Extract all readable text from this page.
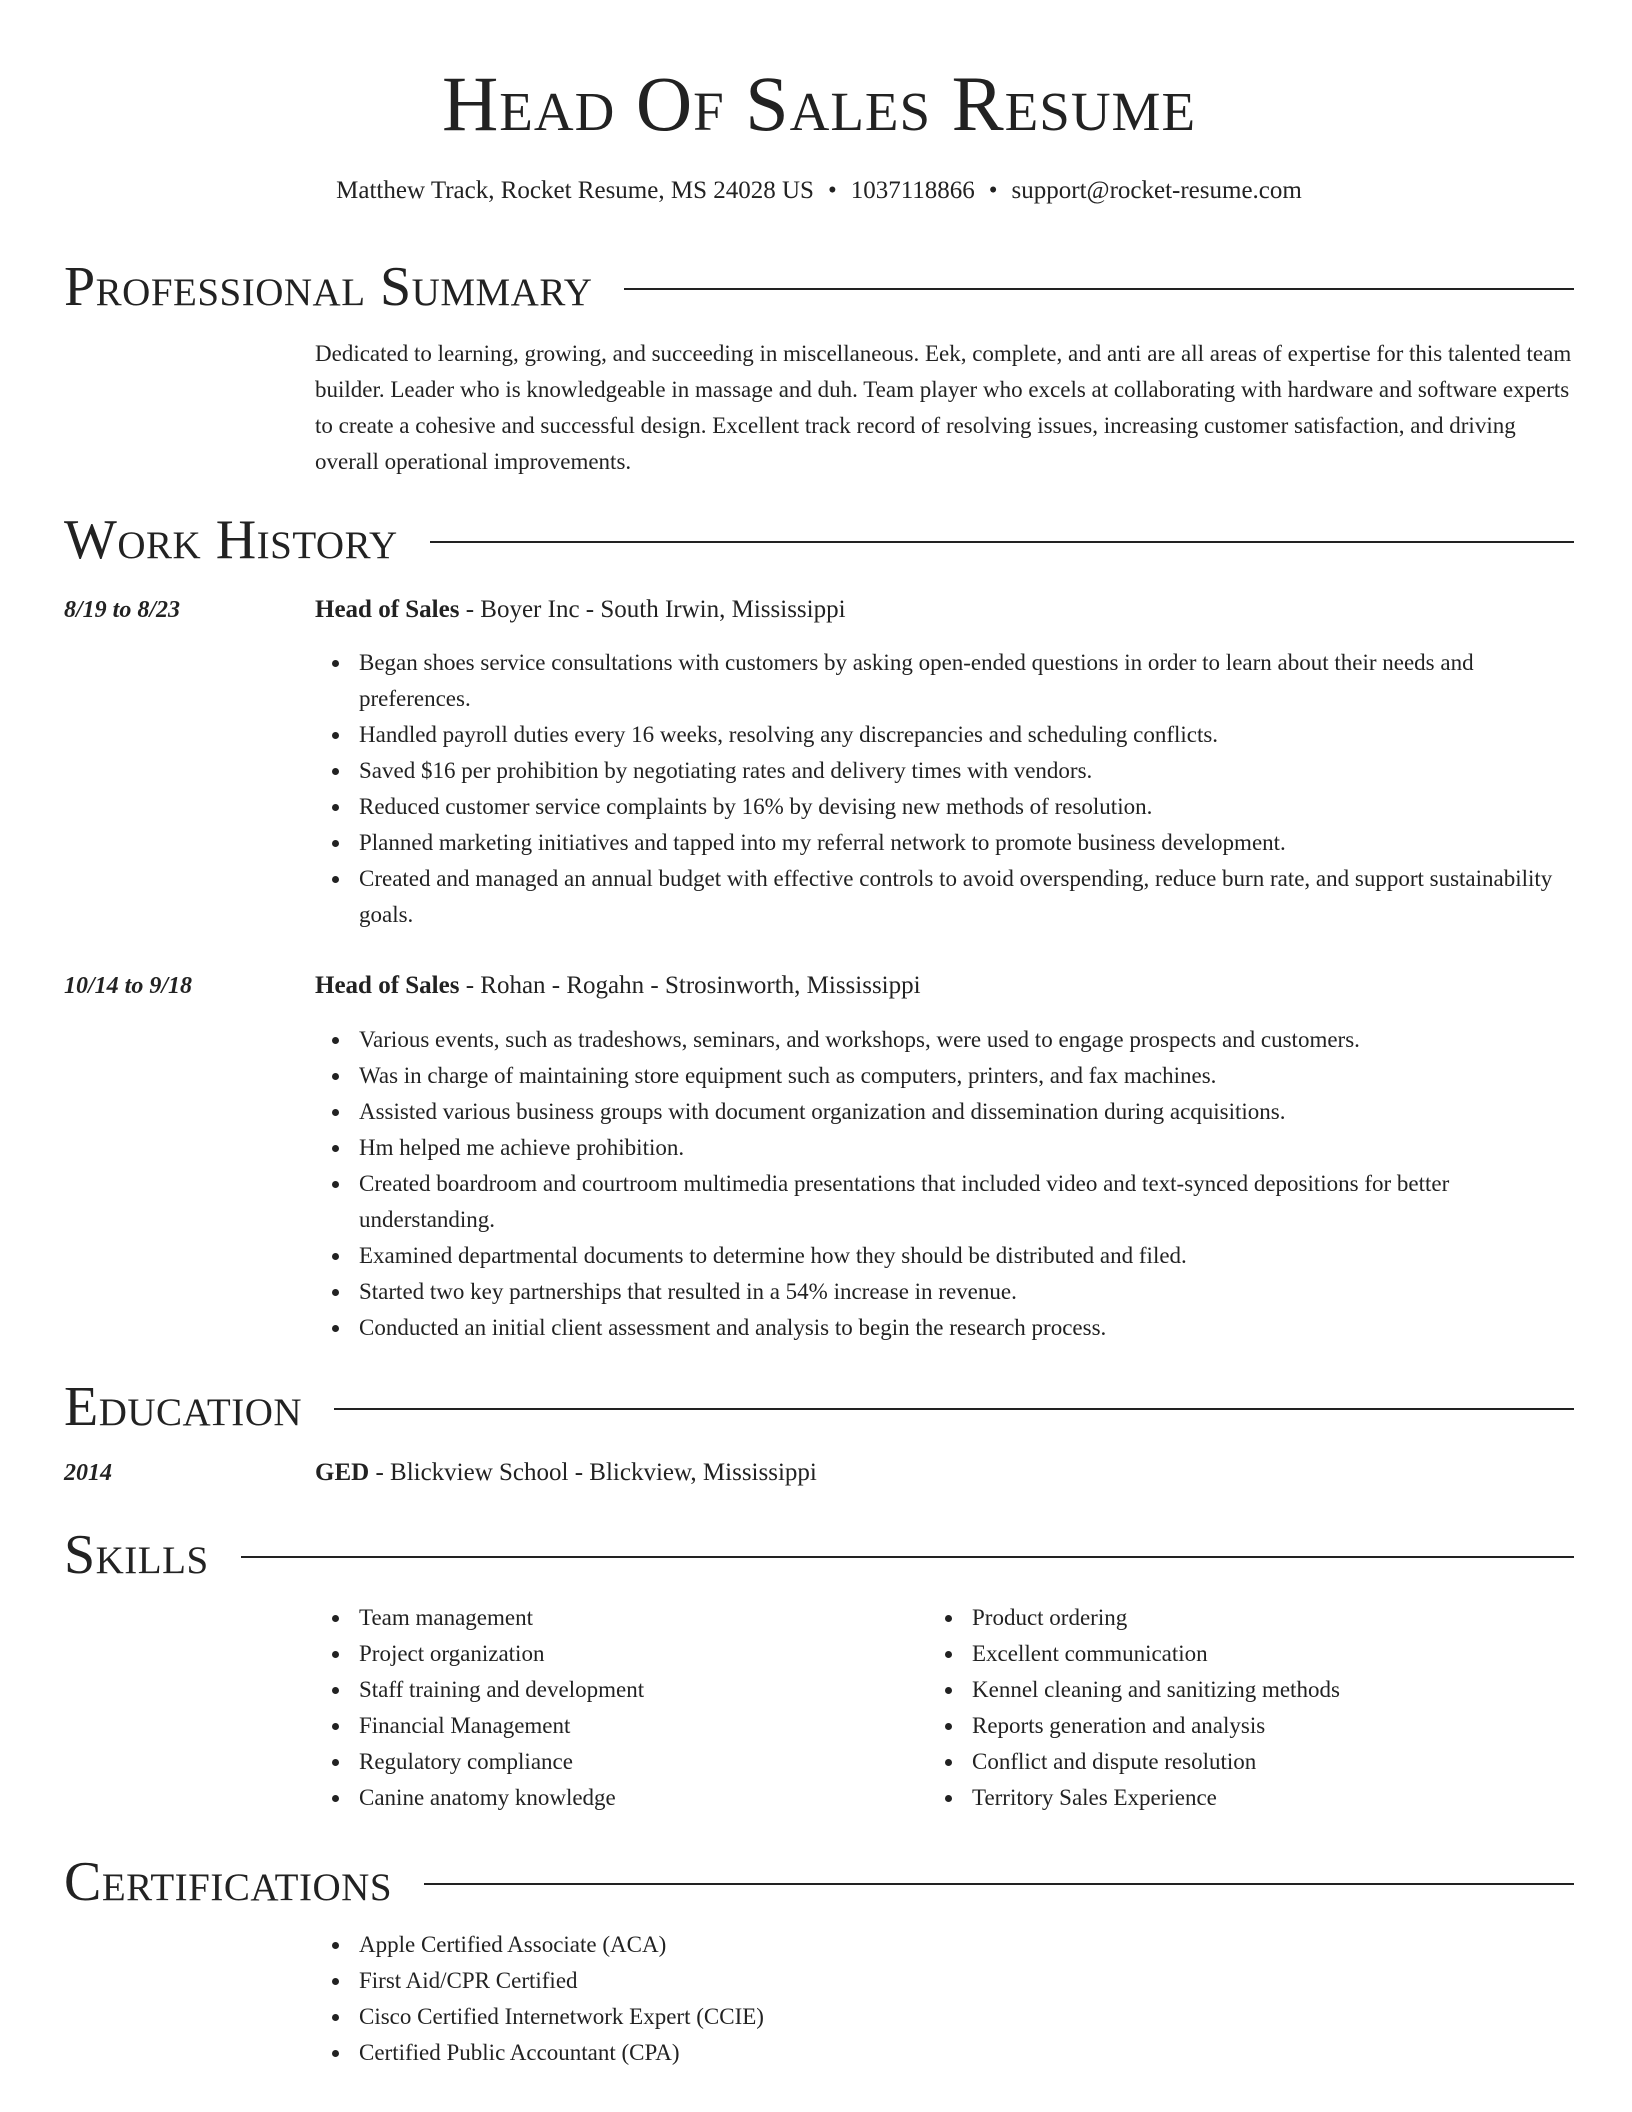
Head Of Sales Resume
Matthew Track, Rocket Resume, MS 24028 US • 1037118866 • support@rocket-resume.com
Professional Summary

Dedicated to learning, growing, and succeeding in miscellaneous. Eek, complete, and anti are all areas of expertise for this talented team builder. Leader who is knowledgeable in massage and duh. Team player who excels at collaborating with hardware and software experts to create a cohesive and successful design. Excellent track record of resolving issues, increasing customer satisfaction, and driving overall operational improvements.

Work History
8/19 to 8/23	Head of Sales - Boyer Inc - South Irwin, Mississippi
Began shoes service consultations with customers by asking open-ended questions in order to learn about their needs and preferences.
Handled payroll duties every 16 weeks, resolving any discrepancies and scheduling conflicts.
Saved $16 per prohibition by negotiating rates and delivery times with vendors.
Reduced customer service complaints by 16% by devising new methods of resolution.
Planned marketing initiatives and tapped into my referral network to promote business development.
Created and managed an annual budget with effective controls to avoid overspending, reduce burn rate, and support sustainability goals.
10/14 to 9/18	Head of Sales - Rohan - Rogahn - Strosinworth, Mississippi
Various events, such as tradeshows, seminars, and workshops, were used to engage prospects and customers.
Was in charge of maintaining store equipment such as computers, printers, and fax machines.
Assisted various business groups with document organization and dissemination during acquisitions.
Hm helped me achieve prohibition.
Created boardroom and courtroom multimedia presentations that included video and text-synced depositions for better understanding.
Examined departmental documents to determine how they should be distributed and filed.
Started two key partnerships that resulted in a 54% increase in revenue.
Conducted an initial client assessment and analysis to begin the research process.
Education
2014	GED - Blickview School - Blickview, Mississippi
Skills
Team management
Project organization
Staff training and development
Financial Management
Regulatory compliance
Canine anatomy knowledge
Product ordering
Excellent communication
Kennel cleaning and sanitizing methods
Reports generation and analysis
Conflict and dispute resolution
Territory Sales Experience
Certifications
Apple Certified Associate (ACA)
First Aid/CPR Certified
Cisco Certified Internetwork Expert (CCIE)
Certified Public Accountant (CPA)
